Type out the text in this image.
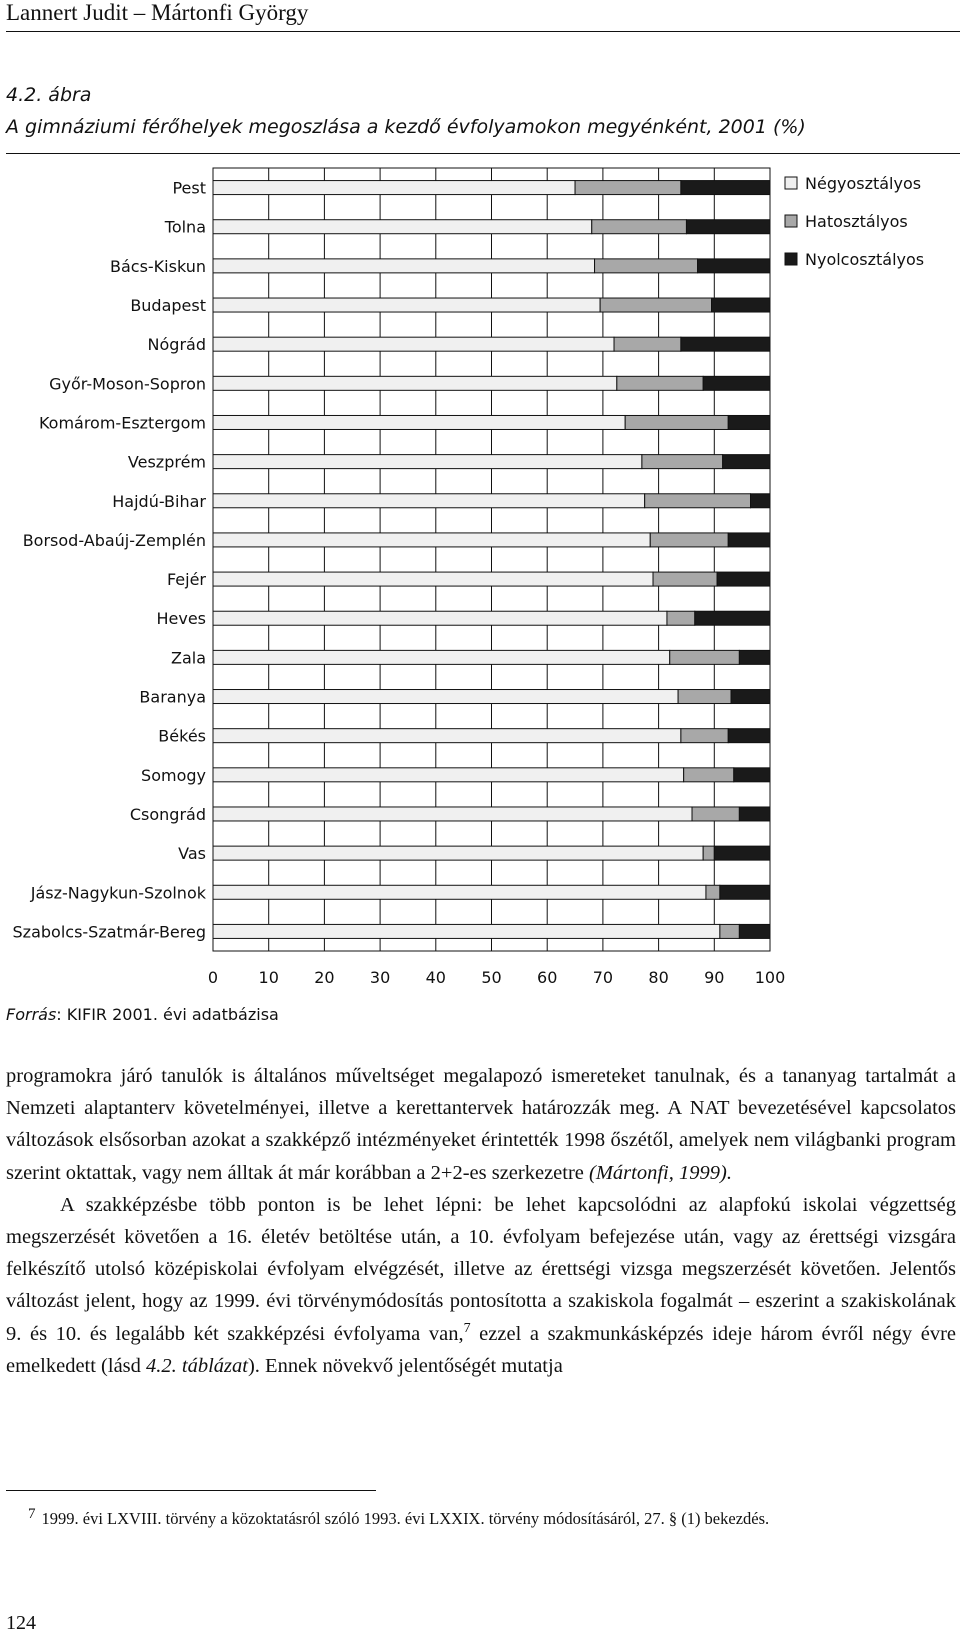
Lannert Judit – Mártonfi György
4.2. ábra
A gimnáziumi férőhelyek megoszlása a kezdő évfolyamokon megyénként, 2001 (%)
Pest
Tolna
Bács-Kiskun
Budapest
Nógrád
Győr-Moson-Sopron
Komárom-Esztergom
Veszprém
Hajdú-Bihar
Borsod-Abaúj-Zemplén
Fejér
Heves
Zala
Baranya
Békés
Somogy
Csongrád
Vas
Jász-Nagykun-Szolnok
Szabolcs-Szatmár-Bereg
0	10 20 30 40 50 60 70 80 90 100
Négyosztályos
Hatosztályos
Nyolcosztályos
Forrás: KIFIR 2001. évi adatbázisa

programokra járó tanulók is általános műveltséget megalapozó ismereteket tanulnak, és a tananyag tartalmát a Nemzeti alaptanterv követelményei, illetve a kerettantervek határozzák meg. A NAT bevezetésével kapcsolatos változások elsősorban azokat a szakképző intézményeket érintették 1998 őszétől, amelyek nem világbanki program szerint oktattak, vagy nem álltak át már korábban a 2+2-es szerkezetre (Mártonfi, 1999).

A szakképzésbe több ponton is be lehet lépni: be lehet kapcsolódni az alapfokú iskolai végzettség megszerzését követően a 16. életév betöltése után, a 10. évfolyam befejezése után, vagy az érettségi vizsgára felkészítő utolsó középiskolai évfolyam elvégzését, illetve az érettségi vizsga megszerzését követően. Jelentős változást jelent, hogy az 1999. évi törvénymódosítás pontosította a szakiskola fogalmát – eszerint a szakiskolának 9. és 10. és legalább két szakképzési évfolyama van,$^7$ ezzel a szakmunkásképzés ideje három évről négy évre emelkedett (lásd 4.2. táblázat). Ennek növekvő jelentőségét mutatja

7 1999. évi LXVIII. törvény a közoktatásról szóló 1993. évi LXXIX. törvény módosításáról, 27. § (1) bekezdés.
124
